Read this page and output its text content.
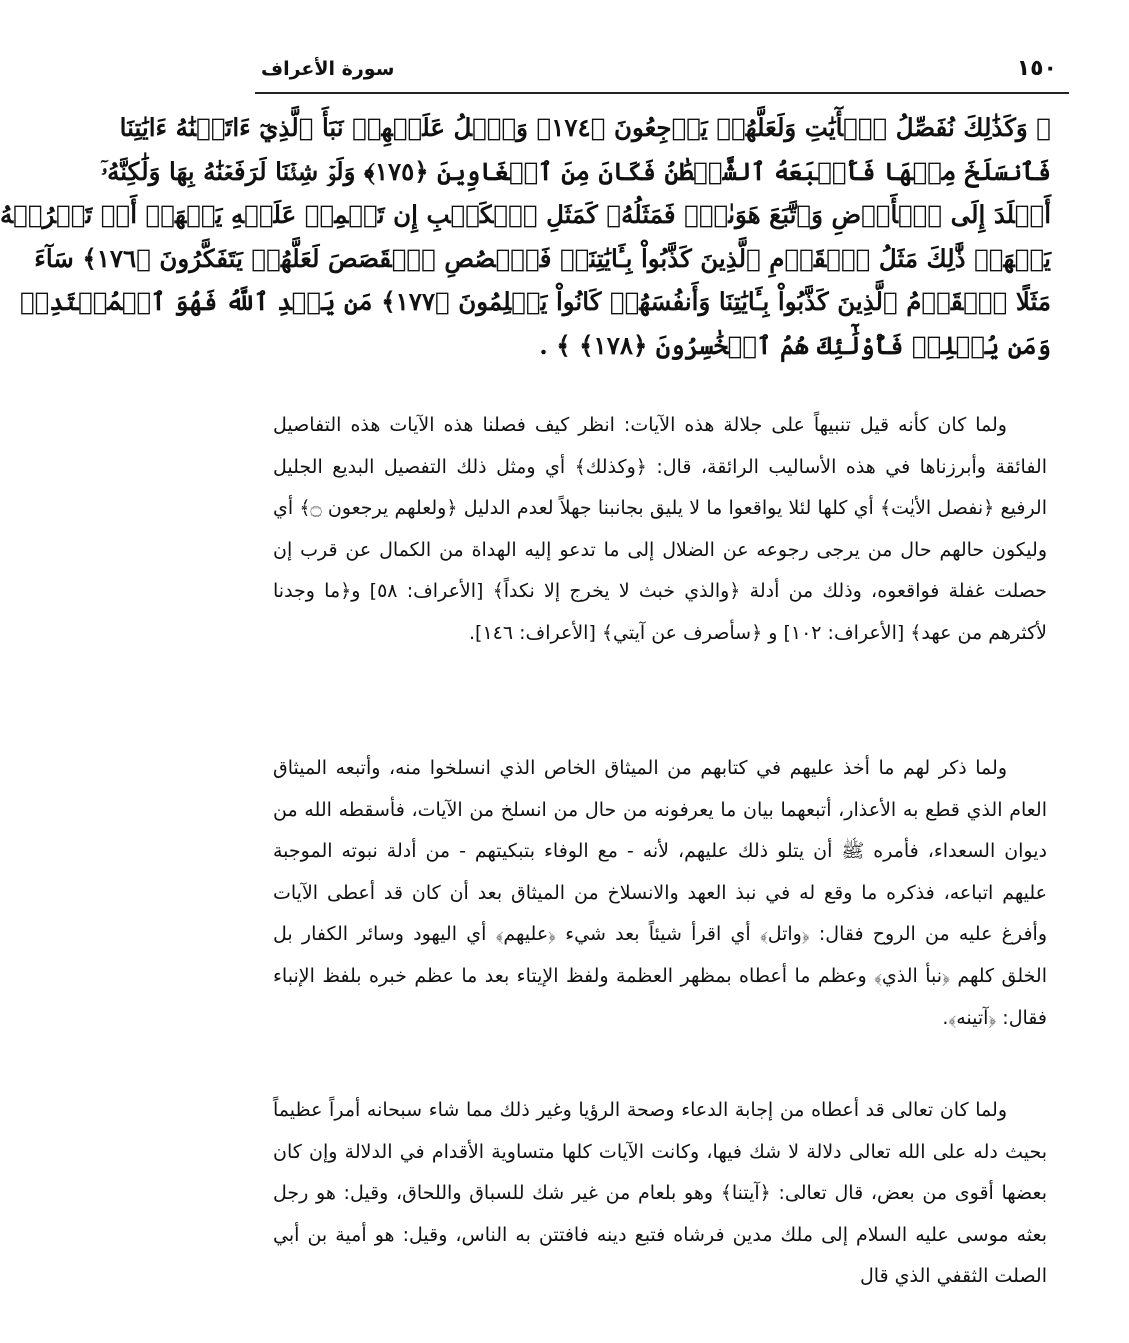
١٥٠
سورة الأعراف
﴿ وَكَذَٰلِكَ نُفَصِّلُ ٱلۡأٓيَٰتِ وَلَعَلَّهُمۡ يَرۡجِعُونَ ﴿١٧٤﴾ وَٱتۡلُ عَلَيۡهِمۡ نَبَأَ ٱلَّذِيٓ ءَاتَيۡنَٰهُ ءَايَٰتِنَا
فَٱنسَلَخَ مِنۡهَا فَأَتۡبَعَهُ ٱلشَّيۡطَٰنُ فَكَانَ مِنَ ٱلۡغَاوِينَ ﴿١٧٥﴾ وَلَوۡ شِئۡنَا لَرَفَعۡنَٰهُ بِهَا وَلَٰكِنَّهُۥٓ
أَخۡلَدَ إِلَى ٱلۡأَرۡضِ وَٱتَّبَعَ هَوَىٰهُۚ فَمَثَلُهُۥ كَمَثَلِ ٱلۡكَلۡبِ إِن تَحۡمِلۡ عَلَيۡهِ يَلۡهَثۡ أَوۡ تَتۡرُكۡهُ
يَلۡهَثۚ ذَّٰلِكَ مَثَلُ ٱلۡقَوۡمِ ٱلَّذِينَ كَذَّبُواْ بِـَٔايَٰتِنَاۚ فَٱقۡصُصِ ٱلۡقَصَصَ لَعَلَّهُمۡ يَتَفَكَّرُونَ ﴿١٧٦﴾ سَآءَ
مَثَلًا ٱلۡقَوۡمُ ٱلَّذِينَ كَذَّبُواْ بِـَٔايَٰتِنَا وَأَنفُسَهُمۡ كَانُواْ يَظۡلِمُونَ ﴿١٧٧﴾ مَن يَهۡدِ ٱللَّهُ فَهُوَ ٱلۡمُهۡتَدِيۖ
وَمَن يُضۡلِلۡ فَأُوْلَٰٓئِكَ هُمُ ٱلۡخَٰسِرُونَ ﴿١٧٨﴾ ﴾ .

ولما كان كأنه قيل تنبيهاً على جلالة هذه الآيات: انظر كيف فصلنا هذه الآيات هذه التفاصيل الفائقة وأبرزناها في هذه الأساليب الرائقة، قال: ﴿وكذلك﴾ أي ومثل ذلك التفصيل البديع الجليل الرفيع ﴿نفصل الأيٰت﴾ أي كلها لئلا يواقعوا ما لا يليق بجانبنا جهلاً لعدم الدليل ﴿ولعلهم يرجعون ۝﴾ أي وليكون حالهم حال من يرجى رجوعه عن الضلال إلى ما تدعو إليه الهداة من الكمال عن قرب إن حصلت غفلة فواقعوه، وذلك من أدلة ﴿والذي خبث لا يخرج إلا نكداً﴾ [الأعراف: ٥٨] و﴿ما وجدنا لأكثرهم من عهد﴾ [الأعراف: ١٠٢] و ﴿سأصرف عن آيتي﴾ [الأعراف: ١٤٦].

ولما ذكر لهم ما أخذ عليهم في كتابهم من الميثاق الخاص الذي انسلخوا منه، وأتبعه الميثاق العام الذي قطع به الأعذار، أتبعهما بيان ما يعرفونه من حال من انسلخ من الآيات، فأسقطه الله من ديوان السعداء، فأمره ﷺ أن يتلو ذلك عليهم، لأنه - مع الوفاء بتبكيتهم - من أدلة نبوته الموجبة عليهم اتباعه، فذكره ما وقع له في نبذ العهد والانسلاخ من الميثاق بعد أن كان قد أعطى الآيات وأفرغ عليه من الروح فقال: ﴿واتل﴾ أي اقرأ شيئاً بعد شيء ﴿عليهم﴾ أي اليهود وسائر الكفار بل الخلق كلهم ﴿نبأ الذي﴾ وعظم ما أعطاه بمظهر العظمة ولفظ الإيتاء بعد ما عظم خبره بلفظ الإنباء فقال: ﴿آتينه﴾.

ولما كان تعالى قد أعطاه من إجابة الدعاء وصحة الرؤيا وغير ذلك مما شاء سبحانه أمراً عظيماً بحيث دله على الله تعالى دلالة لا شك فيها، وكانت الآيات كلها متساوية الأقدام في الدلالة وإن كان بعضها أقوى من بعض، قال تعالى: ﴿آيتنا﴾ وهو بلعام من غير شك للسباق واللحاق، وقيل: هو رجل بعثه موسى عليه السلام إلى ملك مدين فرشاه فتبع دينه فافتتن به الناس، وقيل: هو أمية بن أبي الصلت الثقفي الذي قال
